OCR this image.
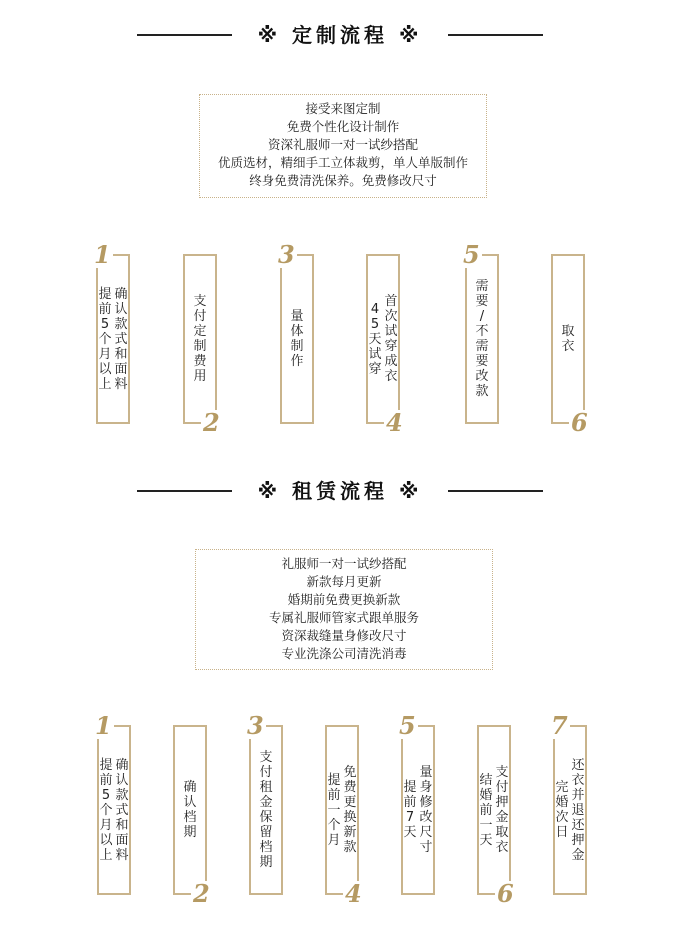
※ 定制流程 ※
接受来图定制
免费个性化设计制作
资深礼服师一对一试纱搭配
优质选材，精细手工立体裁剪，单人单版制作
终身免费清洗保养。免费修改尺寸
确
认
款
式
和
面
料
提
前
5
个
月
以
上
1
支
付
定
制
费
用
2
量
体
制
作
3
首
次
试
穿
成
衣
4
5
天
试
穿
4
需
要
/
不
需
要
改
款
5
取
衣
6
※ 租赁流程 ※
礼服师一对一试纱搭配
新款每月更新
婚期前免费更换新款
专属礼服师管家式跟单服务
资深裁缝量身修改尺寸
专业洗涤公司清洗消毒
确
认
款
式
和
面
料
提
前
5
个
月
以
上
1
确
认
档
期
2
支
付
租
金
保
留
档
期
3
免
费
更
换
新
款
提
前
一
个
月
4
量
身
修
改
尺
寸
提
前
7
天
5
支
付
押
金
取
衣
结
婚
前
一
天
6
还
衣
并
退
还
押
金
完
婚
次
日
7
